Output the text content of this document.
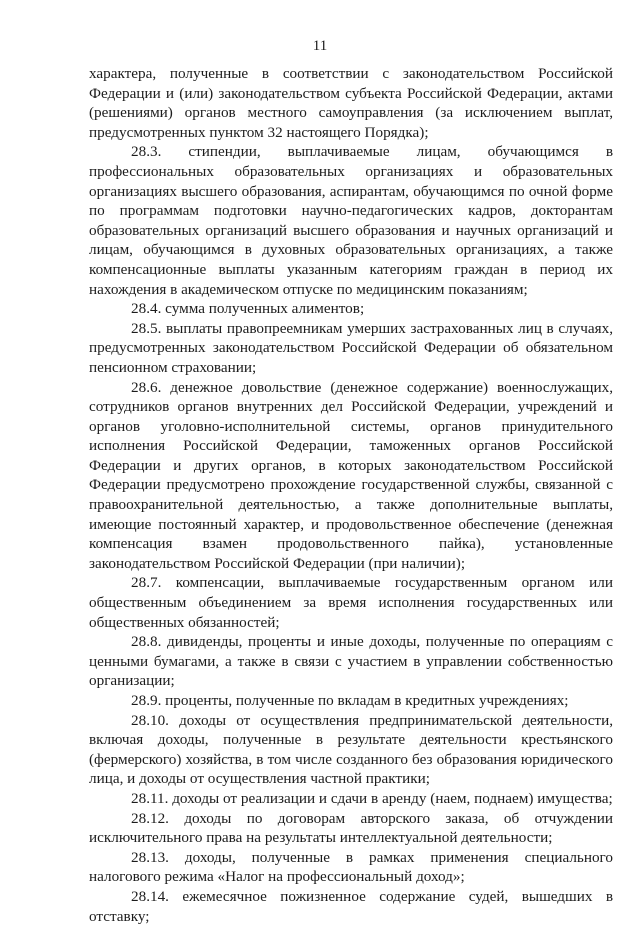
11

характера, полученные в соответствии с законодательством Российской Федерации и (или) законодательством субъекта Российской Федерации, актами (решениями) органов местного самоуправления (за исключением выплат, предусмотренных пунктом 32 настоящего Порядка);

28.3. стипендии, выплачиваемые лицам, обучающимся в профессиональных образовательных организациях и образовательных организациях высшего образования, аспирантам, обучающимся по очной форме по программам подготовки научно-педагогических кадров, докторантам образовательных организаций высшего образования и научных организаций и лицам, обучающимся в духовных образовательных организациях, а также компенсационные выплаты указанным категориям граждан в период их нахождения в академическом отпуске по медицинским показаниям;

28.4. сумма полученных алиментов;

28.5. выплаты правопреемникам умерших застрахованных лиц в случаях, предусмотренных законодательством Российской Федерации об обязательном пенсионном страховании;

28.6. денежное довольствие (денежное содержание) военнослужащих, сотрудников органов внутренних дел Российской Федерации, учреждений и органов уголовно-исполнительной системы, органов принудительного исполнения Российской Федерации, таможенных органов Российской Федерации и других органов, в которых законодательством Российской Федерации предусмотрено прохождение государственной службы, связанной с правоохранительной деятельностью, а также дополнительные выплаты, имеющие постоянный характер, и продовольственное обеспечение (денежная компенсация взамен продовольственного пайка), установленные законодательством Российской Федерации (при наличии);

28.7. компенсации, выплачиваемые государственным органом или общественным объединением за время исполнения государственных или общественных обязанностей;

28.8. дивиденды, проценты и иные доходы, полученные по операциям с ценными бумагами, а также в связи с участием в управлении собственностью организации;

28.9. проценты, полученные по вкладам в кредитных учреждениях;

28.10. доходы от осуществления предпринимательской деятельности, включая доходы, полученные в результате деятельности крестьянского (фермерского) хозяйства, в том числе созданного без образования юридического лица, и доходы от осуществления частной практики;

28.11. доходы от реализации и сдачи в аренду (наем, поднаем) имущества;

28.12. доходы по договорам авторского заказа, об отчуждении исключительного права на результаты интеллектуальной деятельности;

28.13. доходы, полученные в рамках применения специального налогового режима «Налог на профессиональный доход»;

28.14. ежемесячное пожизненное содержание судей, вышедших в отставку;
